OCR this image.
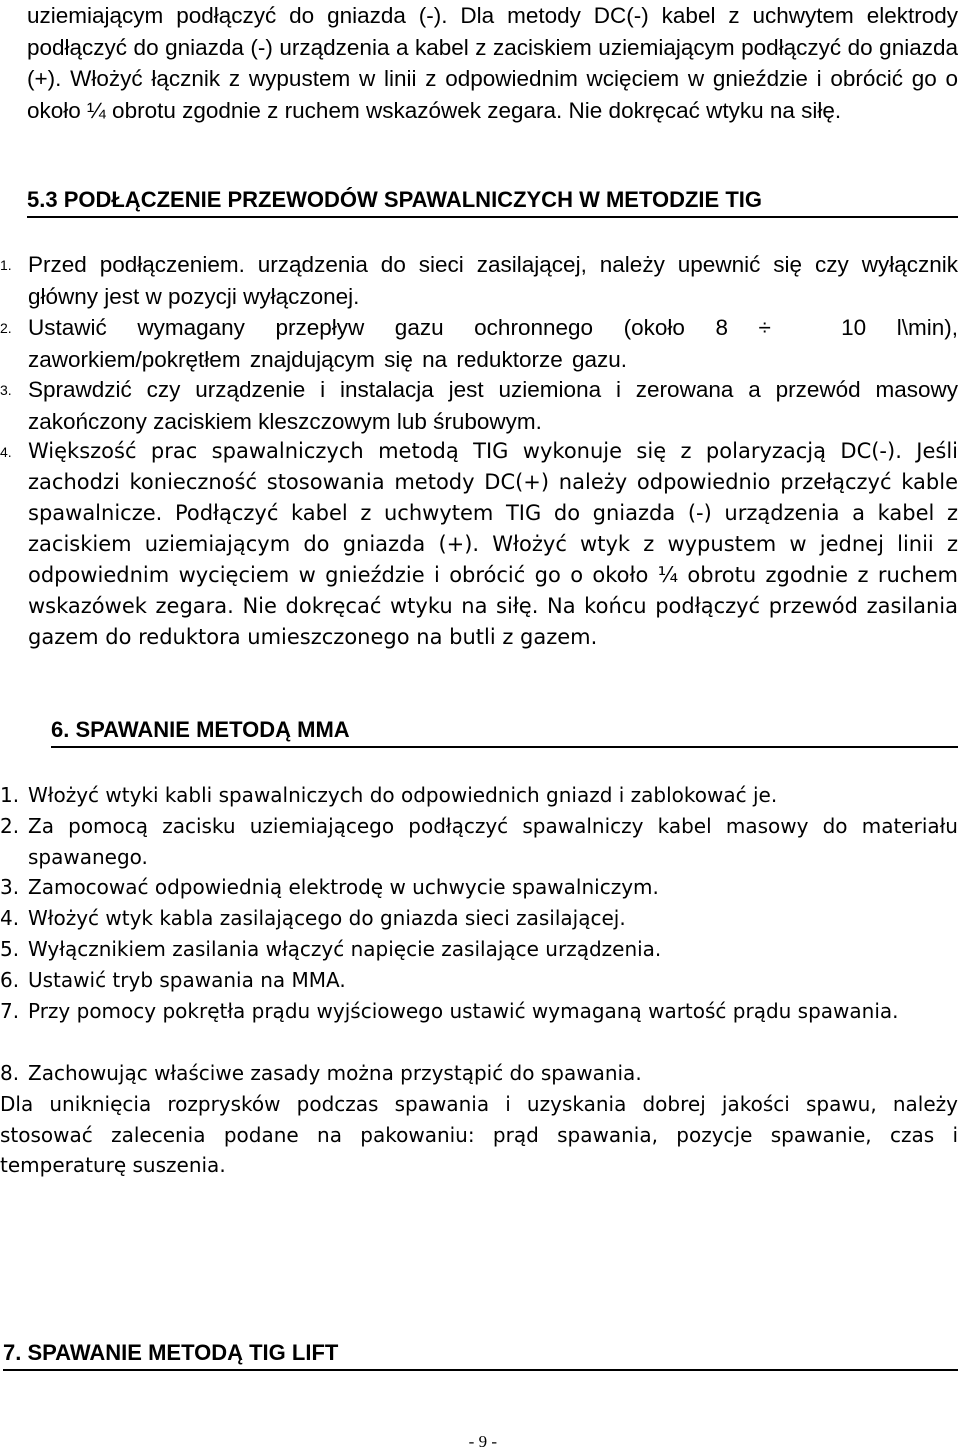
uziemiającym podłączyć do gniazda (-). Dla metody DC(-) kabel z uchwytem elektrody podłączyć do gniazda (-) urządzenia a kabel z zaciskiem uziemiającym podłączyć do gniazda (+). Włożyć łącznik z wypustem w linii z odpowiednim wcięciem w gnieździe i obrócić go o około ¼ obrotu zgodnie z ruchem wskazówek zegara. Nie dokręcać wtyku na siłę.

5.3 PODŁĄCZENIE PRZEWODÓW SPAWALNICZYCH W METODZIE TIG
1. Przed podłączeniem. urządzenia do sieci zasilającej, należy upewnić się czy wyłącznik główny jest w pozycji wyłączonej.
2. Ustawić wymagany przepływ gazu ochronnego (około 8 ÷	10 l\min), zaworkiem/pokrętłem znajdującym się na reduktorze gazu.
3. Sprawdzić czy urządzenie i instalacja jest uziemiona i zerowana a przewód masowy zakończony zaciskiem kleszczowym lub śrubowym.
4. Większość prac spawalniczych metodą TIG wykonuje się z polaryzacją DC(-). Jeśli zachodzi konieczność stosowania metody DC(+) należy odpowiednio przełączyć kable spawalnicze. Podłączyć kabel z uchwytem TIG do gniazda (-) urządzenia a kabel z zaciskiem uziemiającym do gniazda (+). Włożyć wtyk z wypustem w jednej linii z odpowiednim wycięciem w gnieździe i obrócić go o około ¼ obrotu zgodnie z ruchem wskazówek zegara. Nie dokręcać wtyku na siłę. Na końcu podłączyć przewód zasilania gazem do reduktora umieszczonego na butli z gazem.
6. SPAWANIE METODĄ MMA
1. Włożyć wtyki kabli spawalniczych do odpowiednich gniazd i zablokować je.
2. Za pomocą zacisku uziemiającego podłączyć spawalniczy kabel masowy do materiału spawanego.
3. Zamocować odpowiednią elektrodę w uchwycie spawalniczym.
4. Włożyć wtyk kabla zasilającego do gniazda sieci zasilającej.
5. Wyłącznikiem zasilania włączyć napięcie zasilające urządzenia.
6. Ustawić tryb spawania na MMA.
7. Przy pomocy pokrętła prądu wyjściowego ustawić wymaganą wartość prądu spawania.
8. Zachowując właściwe zasady można przystąpić do spawania.

Dla uniknięcia rozprysków podczas spawania i uzyskania dobrej jakości spawu, należy stosować zalecenia podane na pakowaniu: prąd spawania, pozycje spawanie, czas i temperaturę suszenia.

7. SPAWANIE METODĄ TIG LIFT
- 9 -
